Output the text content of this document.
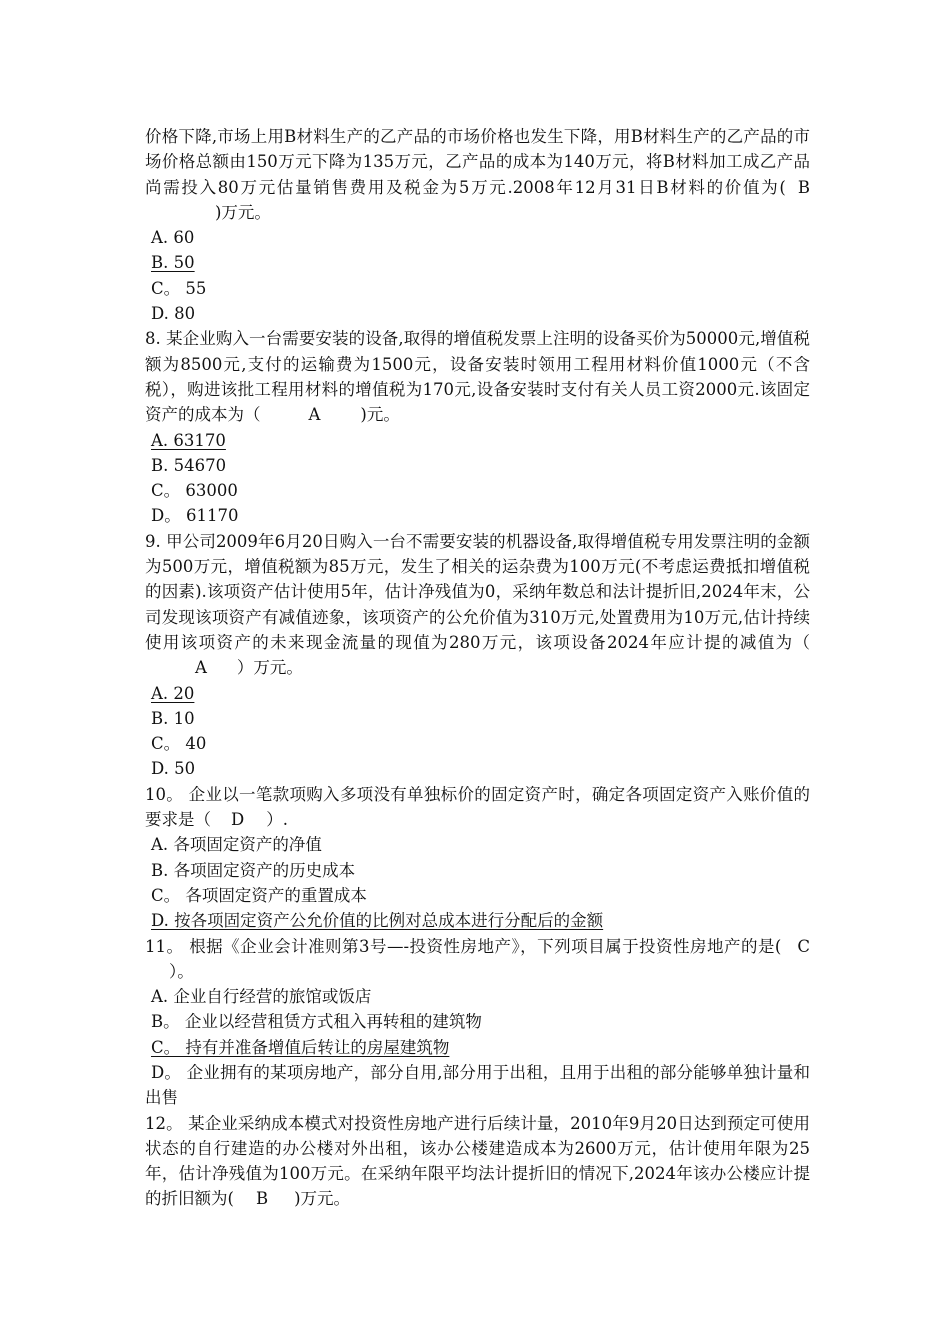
价格下降,市场上用B材料生产的乙产品的市场价格也发生下降，用B材料生产的乙产品的市场价格总额由150万元下降为135万元，乙产品的成本为140万元，将B材料加工成乙产品尚需投入80万元估量销售费用及税金为5万元.2008年12月31日B材料的价值为( B)万元。

A. 60

B. 50

C。 55

D. 80

8. 某企业购入一台需要安装的设备,取得的增值税发票上注明的设备买价为50000元,增值税额为8500元,支付的运输费为1500元，设备安装时领用工程用材料价值1000元（不含税），购进该批工程用材料的增值税为170元,设备安装时支付有关人员工资2000元.该固定资产的成本为（	A )元。

A. 63170

B. 54670

C。 63000

D。 61170

9. 甲公司2009年6月20日购入一台不需要安装的机器设备,取得增值税专用发票注明的金额为500万元，增值税额为85万元，发生了相关的运杂费为100万元(不考虑运费抵扣增值税的因素).该项资产估计使用5年，估计净残值为0，采纳年数总和法计提折旧,2024年末，公司发现该项资产有减值迹象，该项资产的公允价值为310万元,处置费用为10万元,估计持续使用该项资产的未来现金流量的现值为280万元，该项设备2024年应计提的减值为（A ）万元。

A. 20

B. 10

C。 40

D. 50

10。 企业以一笔款项购入多项没有单独标价的固定资产时，确定各项固定资产入账价值的要求是（ D ）.

A. 各项固定资产的净值

B. 各项固定资产的历史成本

C。 各项固定资产的重置成本

D. 按各项固定资产公允价值的比例对总成本进行分配后的金额

11。 根据《企业会计准则第3号—-投资性房地产》，下列项目属于投资性房地产的是( C）。

A. 企业自行经营的旅馆或饭店

B。 企业以经营租赁方式租入再转租的建筑物

C。 持有并准备增值后转让的房屋建筑物

D。 企业拥有的某项房地产，部分自用,部分用于出租，且用于出租的部分能够单独计量和出售

12。 某企业采纳成本模式对投资性房地产进行后续计量，2010年9月20日达到预定可使用状态的自行建造的办公楼对外出租，该办公楼建造成本为2600万元，估计使用年限为25年，估计净残值为100万元。在采纳年限平均法计提折旧的情况下,2024年该办公楼应计提的折旧额为( B )万元。
